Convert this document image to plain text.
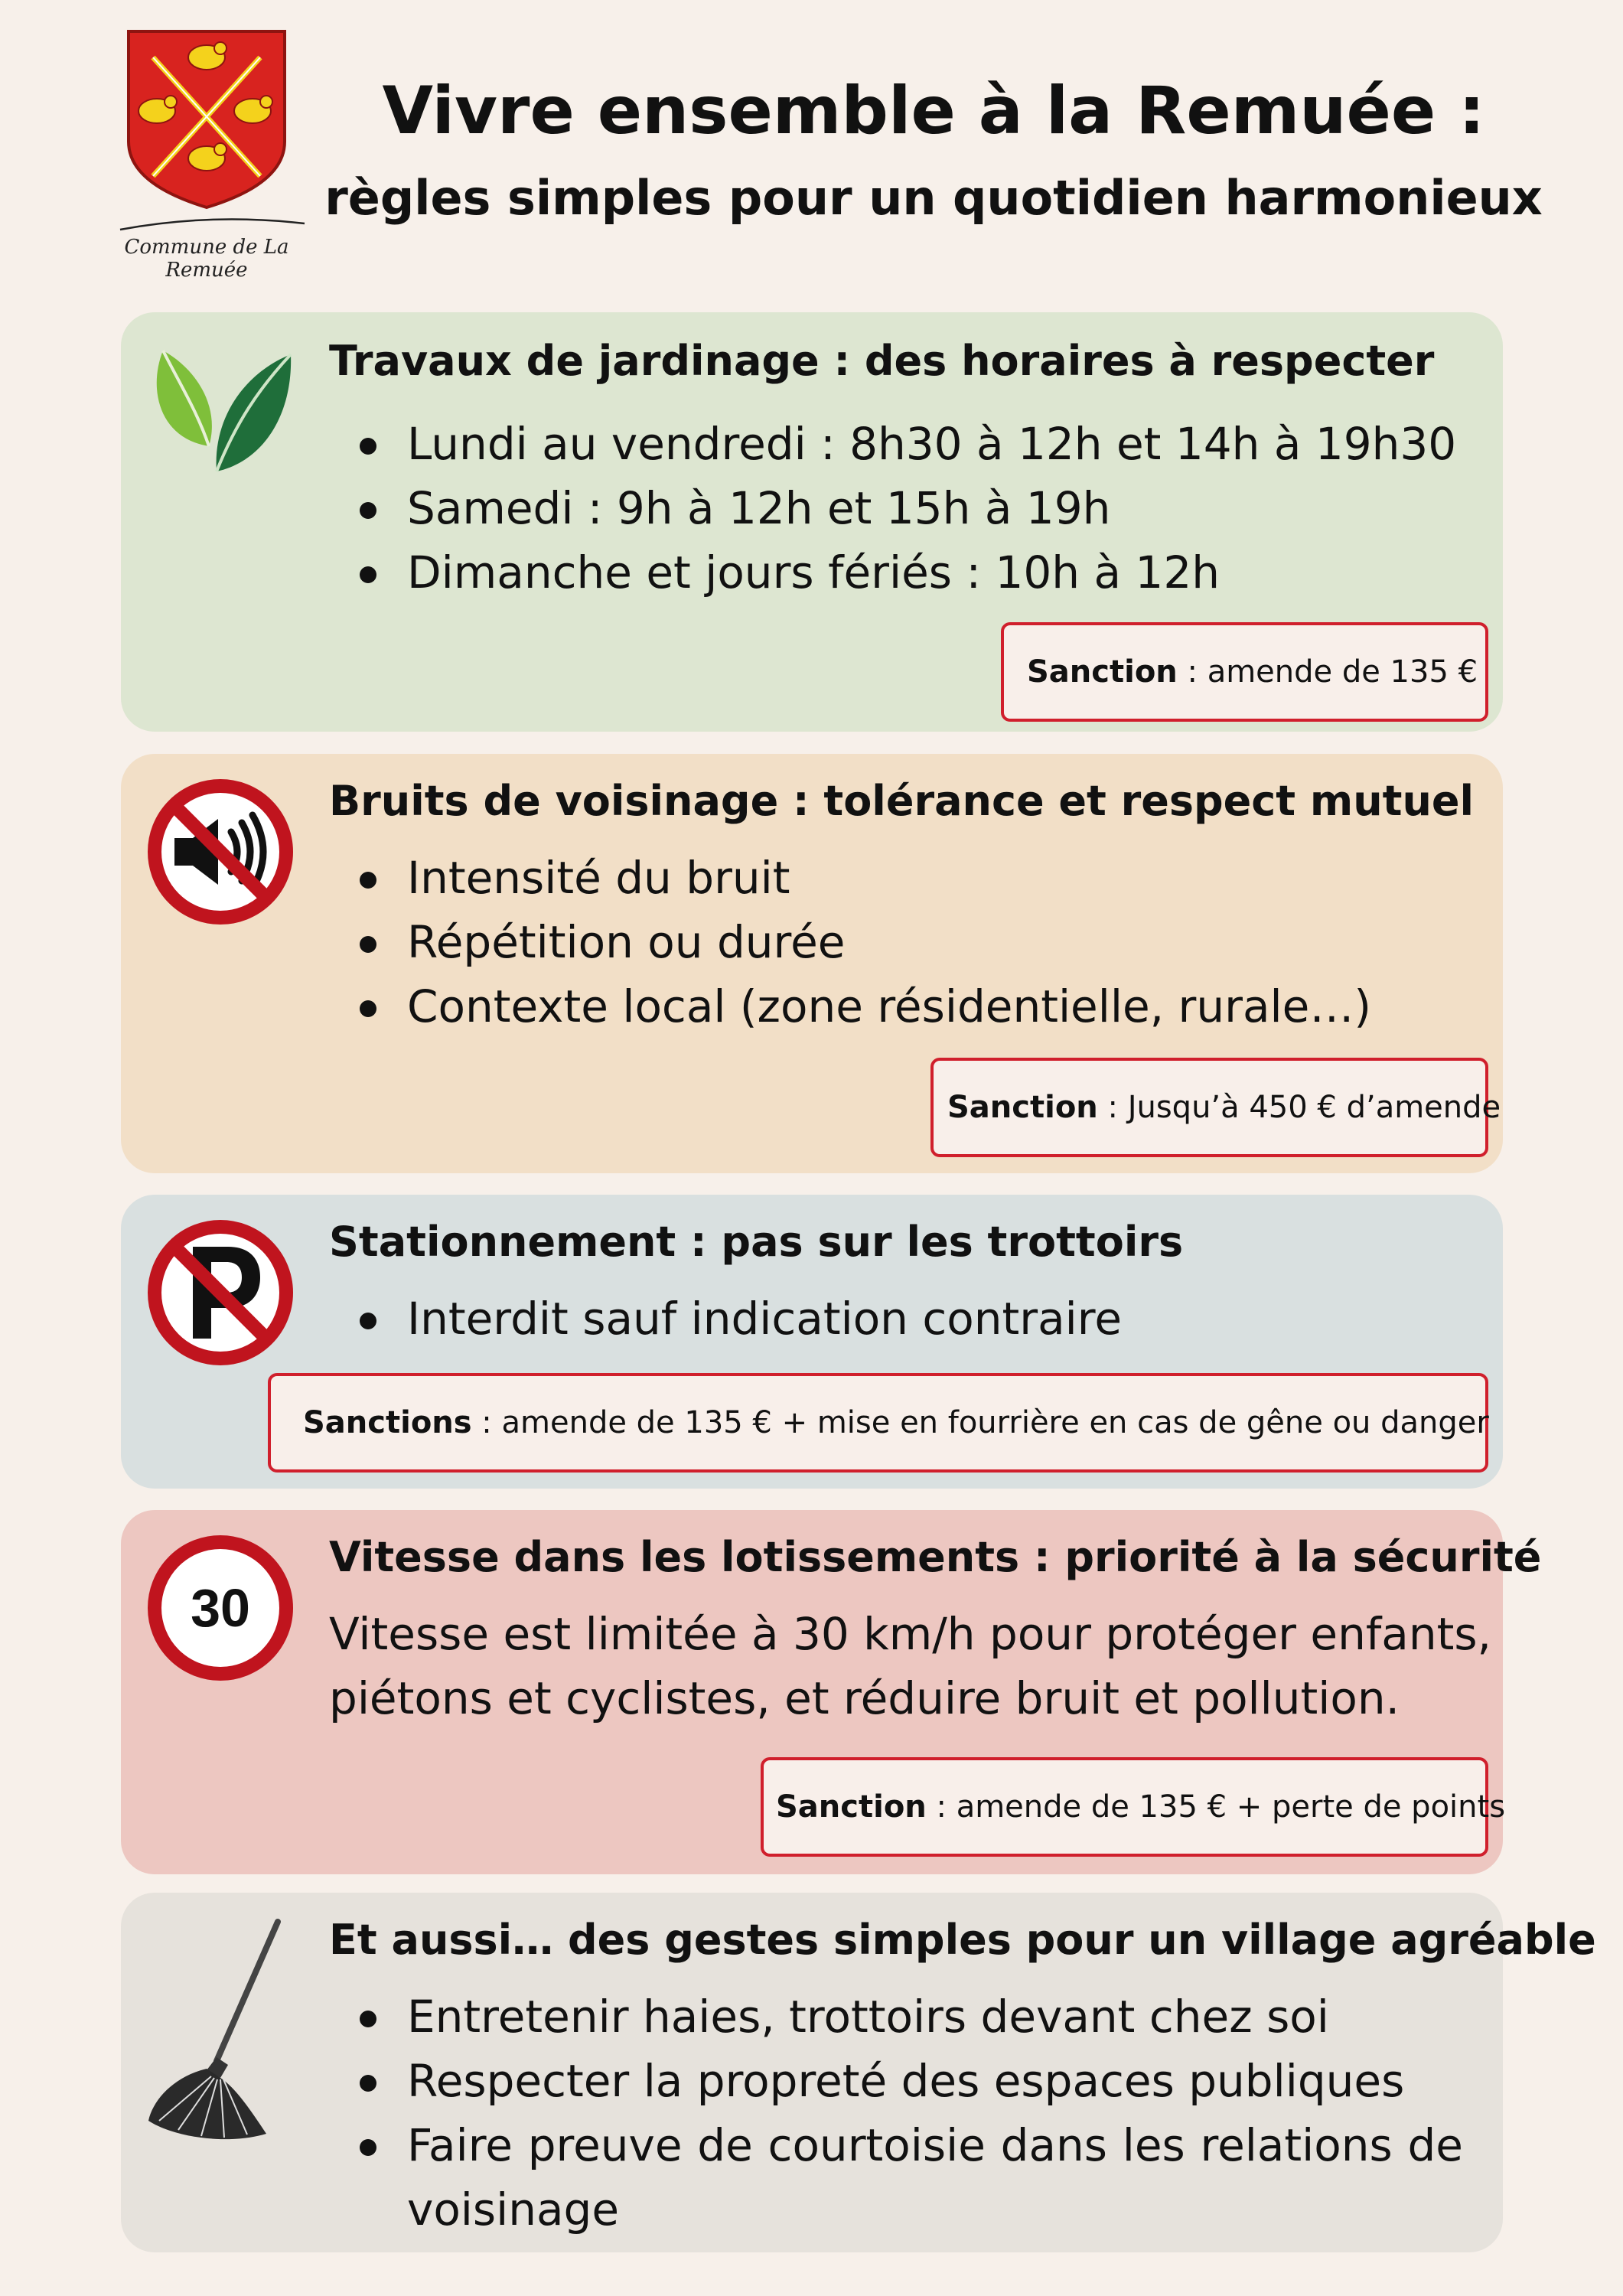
Commune de La Remuée
Vivre ensemble à la Remuée :
règles simples pour un quotidien harmonieux
Travaux de jardinage : des horaires à respecter
Lundi au vendredi : 8h30 à 12h et 14h à 19h30
Samedi : 9h à 12h et 15h à 19h
Dimanche et jours fériés : 10h à 12h
Sanction : amende de 135 €
Bruits de voisinage : tolérance et respect mutuel
Intensité du bruit
Répétition ou durée
Contexte local (zone résidentielle, rurale…)
Sanction : Jusqu’à 450 € d’amende
Stationnement : pas sur les trottoirs
Interdit sauf indication contraire
Sanctions : amende de 135 € + mise en fourrière en cas de gêne ou danger
30
Vitesse dans les lotissements : priorité à la sécurité
Vitesse est limitée à 30 km/h pour protéger enfants, piétons et cyclistes, et réduire bruit et pollution.
Sanction : amende de 135 € + perte de points
Et aussi… des gestes simples pour un village agréable
Entretenir haies, trottoirs devant chez soi
Respecter la propreté des espaces publiques
Faire preuve de courtoisie dans les relations de voisinage
